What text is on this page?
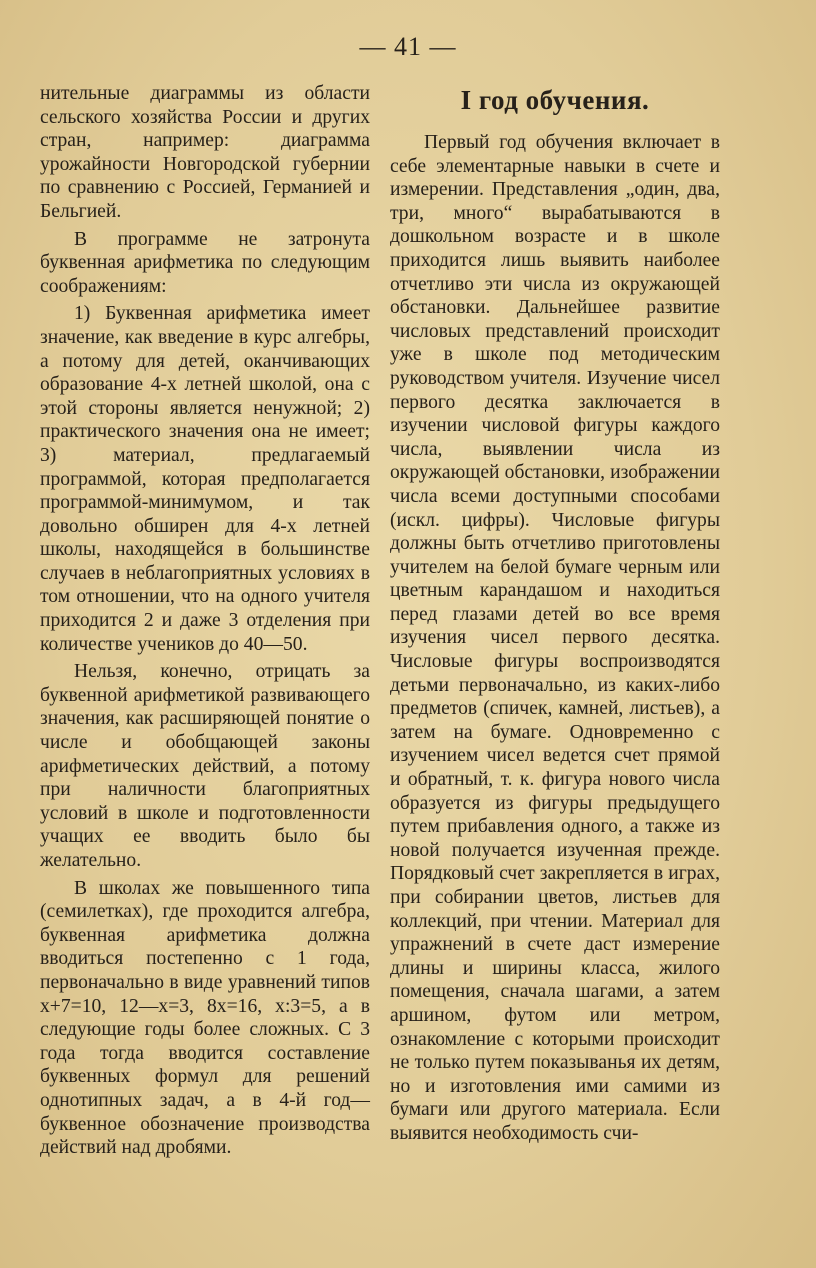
— 41 —

нительные диаграммы из области сельского хозяйства России и других стран, например: диаграмма урожайности Новгородской губернии по сравнению с Россией, Германией и Бельгией.

В программе не затронута буквенная арифметика по следующим соображениям:

1) Буквенная арифметика имеет значение, как введение в курс алгебры, а потому для детей, оканчивающих образование 4-х летней школой, она с этой стороны является ненужной; 2) практического значения она не имеет; 3) материал, предлагаемый программой, которая предполагается программой-минимумом, и так довольно обширен для 4-х летней школы, находящейся в большинстве случаев в неблагоприятных условиях в том отношении, что на одного учителя приходится 2 и даже 3 отделения при количестве учеников до 40—50.

Нельзя, конечно, отрицать за буквенной арифметикой развивающего значения, как расширяющей понятие о числе и обобщающей законы арифметических действий, а потому при наличности благоприятных условий в школе и подготовленности учащих ее вводить было бы желательно.

В школах же повышенного типа (семилетках), где проходится алгебра, буквенная арифметика должна вводиться постепенно с 1 года, первоначально в виде уравнений типов x+7=10, 12—x=3, 8x=16, x:3=5, а в следующие годы более сложных. С 3 года тогда вводится составление буквенных формул для решений однотипных задач, а в 4-й год—буквенное обозначение производства действий над дробями.

I год обучения.

Первый год обучения включает в себе элементарные навыки в счете и измерении. Представления „один, два, три, много“ вырабатываются в дошкольном возрасте и в школе приходится лишь выявить наиболее отчетливо эти числа из окружающей обстановки. Дальнейшее развитие числовых представлений происходит уже в школе под методическим руководством учителя. Изучение чисел первого десятка заключается в изучении числовой фигуры каждого числа, выявлении числа из окружающей обстановки, изображении числа всеми доступными способами (искл. цифры). Числовые фигуры должны быть отчетливо приготовлены учителем на белой бумаге черным или цветным карандашом и находиться перед глазами детей во все время изучения чисел первого десятка. Числовые фигуры воспроизводятся детьми первоначально, из каких-либо предметов (спичек, камней, листьев), а затем на бумаге. Одновременно с изучением чисел ведется счет прямой и обратный, т. к. фигура нового числа образуется из фигуры предыдущего путем прибавления одного, а также из новой получается изученная прежде. Порядковый счет закрепляется в играх, при собирании цветов, листьев для коллекций, при чтении. Материал для упражнений в счете даст измерение длины и ширины класса, жилого помещения, сначала шагами, а затем аршином, футом или метром, ознакомление с которыми происходит не только путем показыванья их детям, но и изготовления ими самими из бумаги или другого материала. Если выявится необходимость счи-
